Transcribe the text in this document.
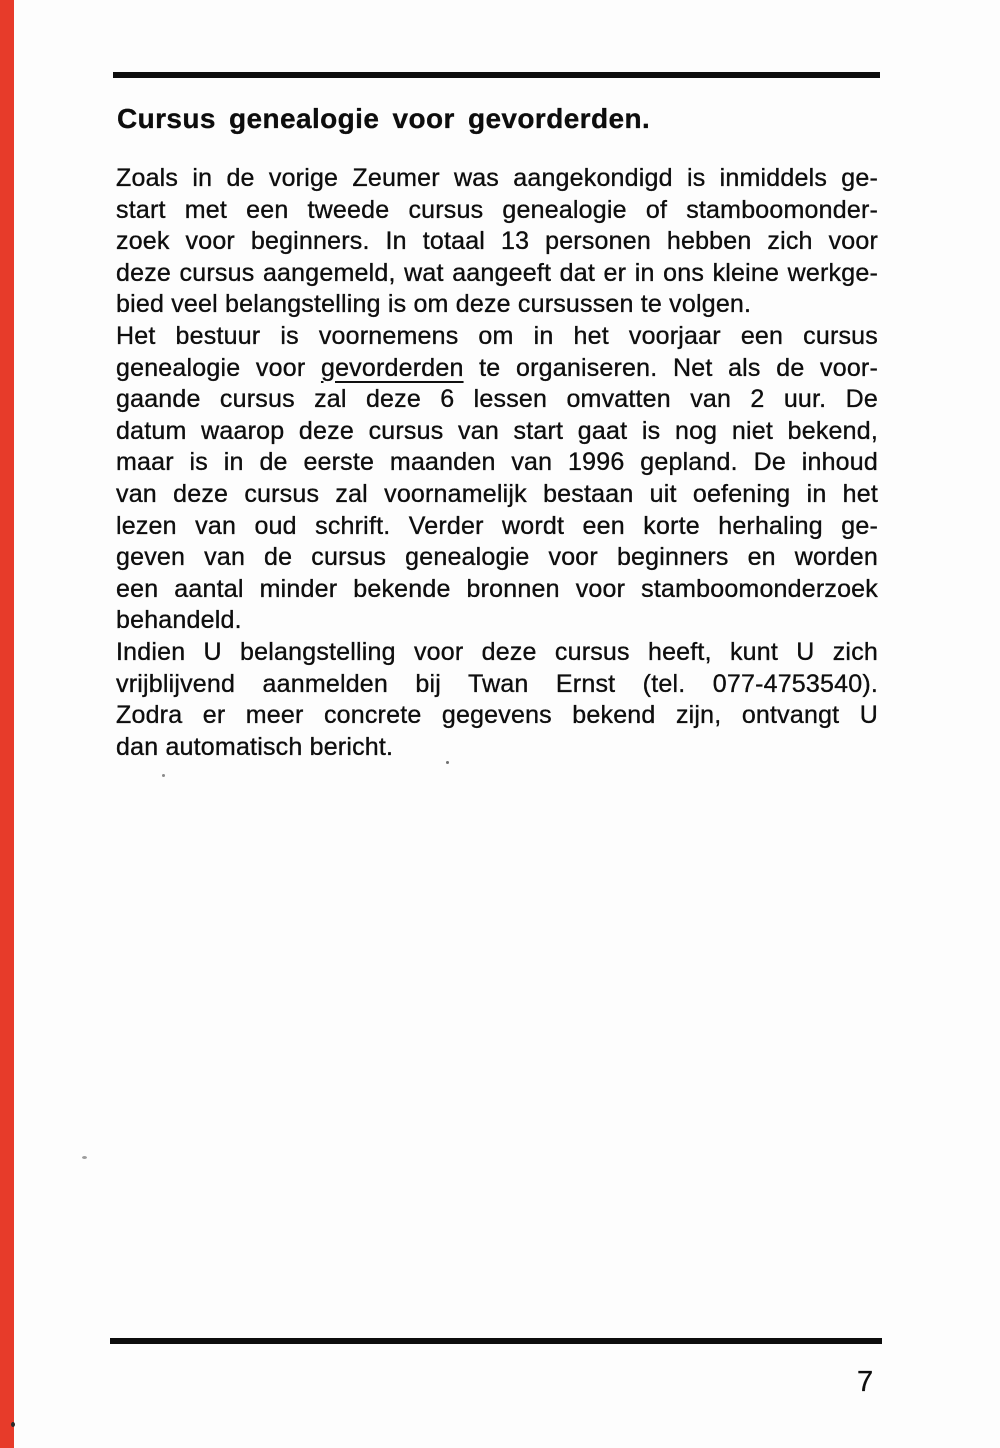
Cursus genealogie voor gevorderden.
Zoals in de vorige Zeumer was aangekondigd is inmiddels ge-
start met een tweede cursus genealogie of stamboomonder-
zoek voor beginners. In totaal 13 personen hebben zich voor
deze cursus aangemeld, wat aangeeft dat er in ons kleine werkge-
bied veel belangstelling is om deze cursussen te volgen.
Het bestuur is voornemens om in het voorjaar een cursus
genealogie voor gevorderden te organiseren. Net als de voor-
gaande cursus zal deze 6 lessen omvatten van 2 uur. De
datum waarop deze cursus van start gaat is nog niet bekend,
maar is in de eerste maanden van 1996 gepland. De inhoud
van deze cursus zal voornamelijk bestaan uit oefening in het
lezen van oud schrift. Verder wordt een korte herhaling ge-
geven van de cursus genealogie voor beginners en worden
een aantal minder bekende bronnen voor stamboomonderzoek
behandeld.
Indien U belangstelling voor deze cursus heeft, kunt U zich
vrijblijvend aanmelden bij Twan Ernst (tel. 077-4753540).
Zodra er meer concrete gegevens bekend zijn, ontvangt U
dan automatisch bericht.
7
